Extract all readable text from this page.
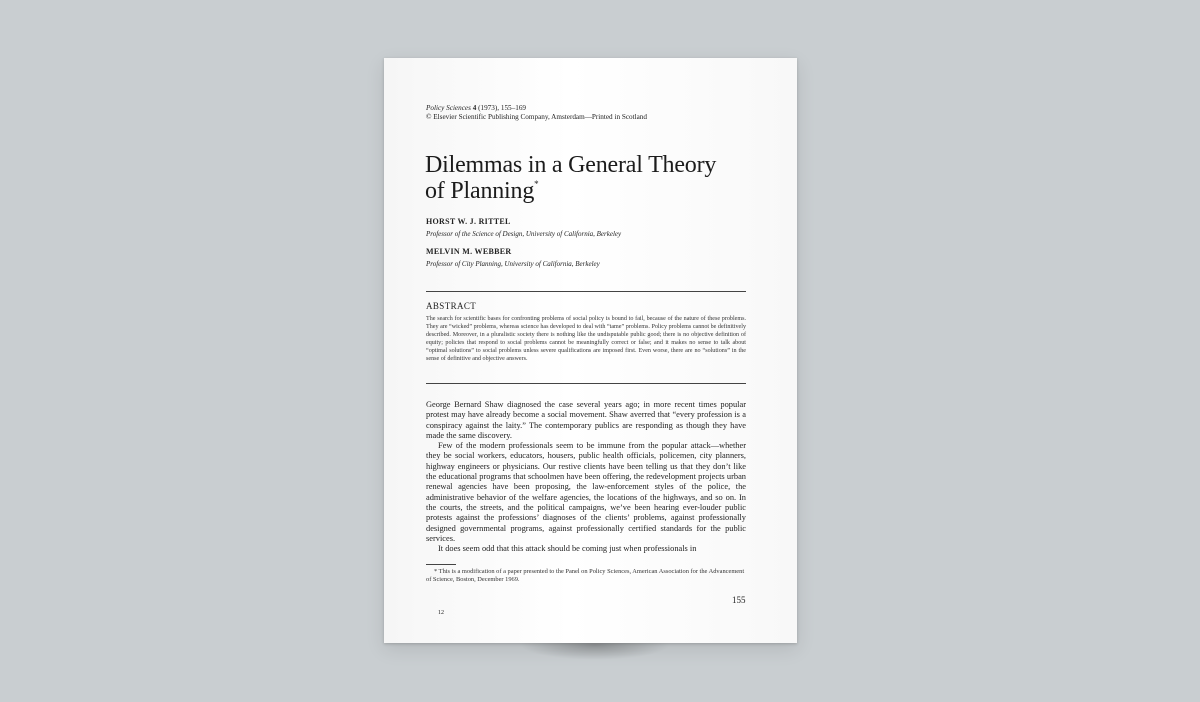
Policy Sciences 4 (1973), 155–169
© Elsevier Scientific Publishing Company, Amsterdam—Printed in Scotland
Dilemmas in a General Theory
of Planning*
HORST W. J. RITTEL
Professor of the Science of Design, University of California, Berkeley
MELVIN M. WEBBER
Professor of City Planning, University of California, Berkeley
ABSTRACT
The search for scientific bases for confronting problems of social policy is bound to fail, because of the nature of these problems. They are “wicked” problems, whereas science has developed to deal with “tame” problems. Policy problems cannot be definitively described. Moreover, in a pluralistic society there is nothing like the undisputable public good; there is no objective definition of equity; policies that respond to social problems cannot be meaningfully correct or false; and it makes no sense to talk about “optimal solutions” to social problems unless severe qualifications are imposed first. Even worse, there are no “solutions” in the sense of definitive and objective answers.

George Bernard Shaw diagnosed the case several years ago; in more recent times popular protest may have already become a social movement. Shaw averred that “every profession is a conspiracy against the laity.” The contemporary publics are responding as though they have made the same discovery.

Few of the modern professionals seem to be immune from the popular attack—whether they be social workers, educators, housers, public health officials, policemen, city planners, highway engineers or physicians. Our restive clients have been telling us that they don’t like the educational programs that schoolmen have been offering, the redevelopment projects urban renewal agencies have been proposing, the law-enforcement styles of the police, the administrative behavior of the welfare agencies, the locations of the highways, and so on. In the courts, the streets, and the political campaigns, we’ve been hearing ever-louder public protests against the professions’ diagnoses of the clients’ problems, against professionally designed governmental programs, against professionally certified standards for the public services.

It does seem odd that this attack should be coming just when professionals in

* This is a modification of a paper presented to the Panel on Policy Sciences, American Association for the Advancement of Science, Boston, December 1969.
155
12
